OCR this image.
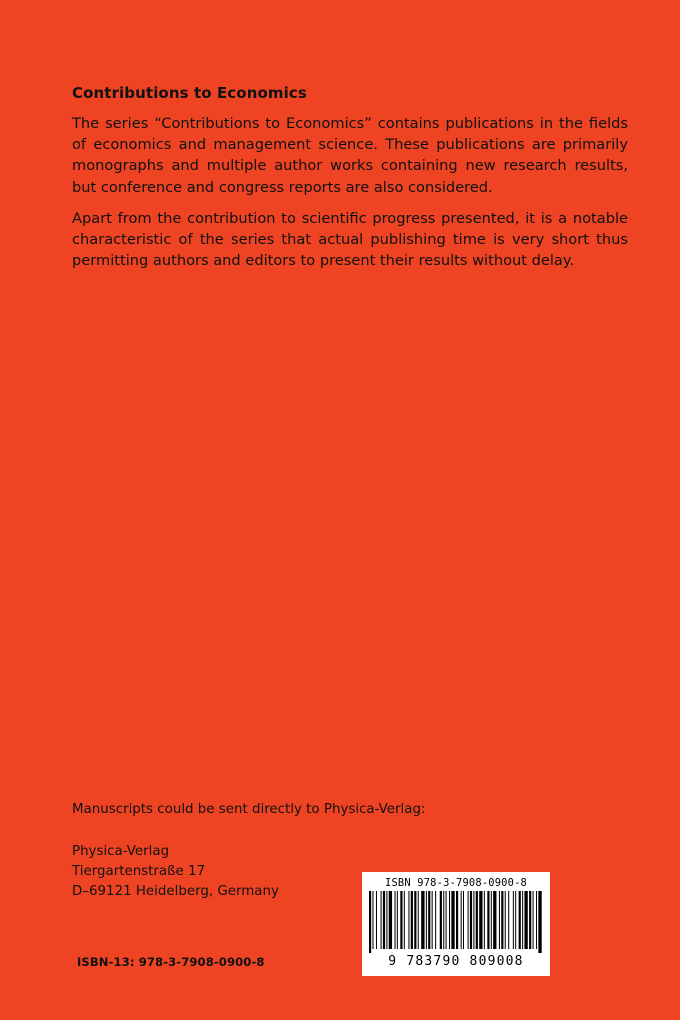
Contributions to Economics

The series “Contributions to Economics” contains publications in the fields of economics and management science. These publications are primarily monographs and multiple author works containing new research results, but conference and congress reports are also considered.

Apart from the contribution to scientific progress presented, it is a notable characteristic of the series that actual publishing time is very short thus permitting authors and editors to present their results without delay.

Manuscripts could be sent directly to Physica-Verlag:

Physica-Verlag

Tiergartenstraße 17

D–69121 Heidelberg, Germany

ISBN-13: 978-3-7908-0900-8
ISBN 978-3-7908-0900-8
9 783790 809008
